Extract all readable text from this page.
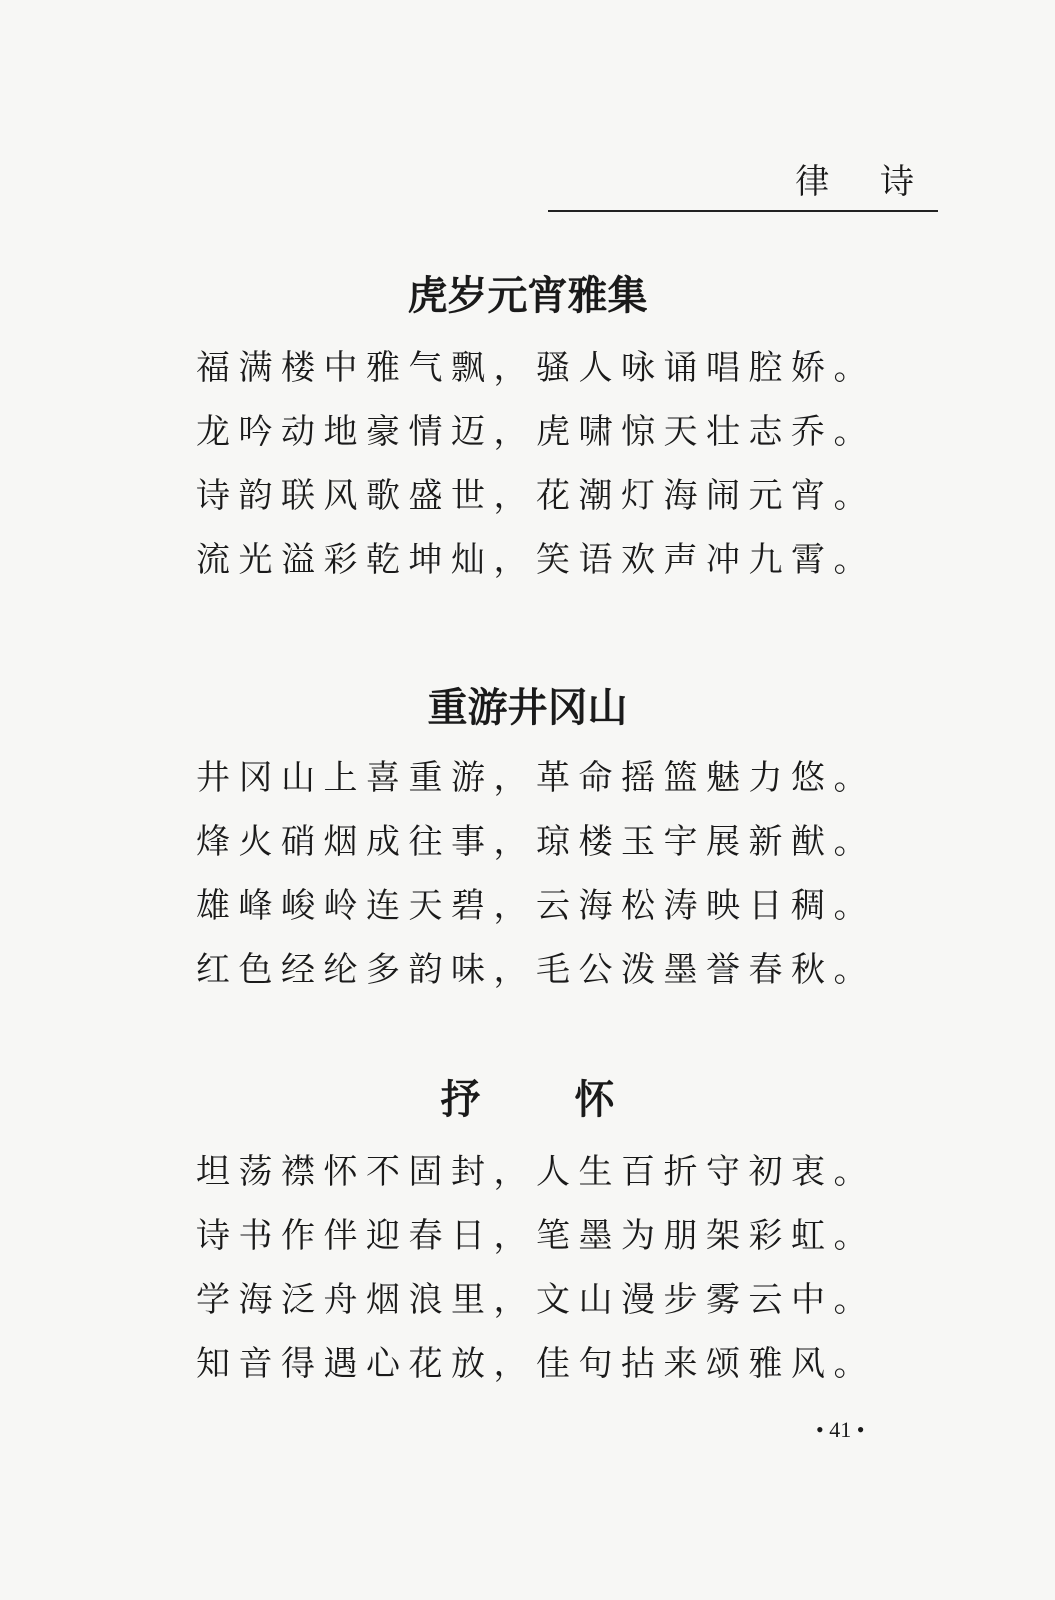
律 诗
虎岁元宵雅集
福满楼中雅气飘，骚人咏诵唱腔娇。
龙吟动地豪情迈，虎啸惊天壮志乔。
诗韵联风歌盛世，花潮灯海闹元宵。
流光溢彩乾坤灿，笑语欢声冲九霄。
重游井冈山
井冈山上喜重游，革命摇篮魅力悠。
烽火硝烟成往事，琼楼玉宇展新猷。
雄峰峻岭连天碧，云海松涛映日稠。
红色经纶多韵味，毛公泼墨誉春秋。
抒 怀
坦荡襟怀不固封，人生百折守初衷。
诗书作伴迎春日，笔墨为朋架彩虹。
学海泛舟烟浪里，文山漫步雾云中。
知音得遇心花放，佳句拈来颂雅风。
• 41 •
